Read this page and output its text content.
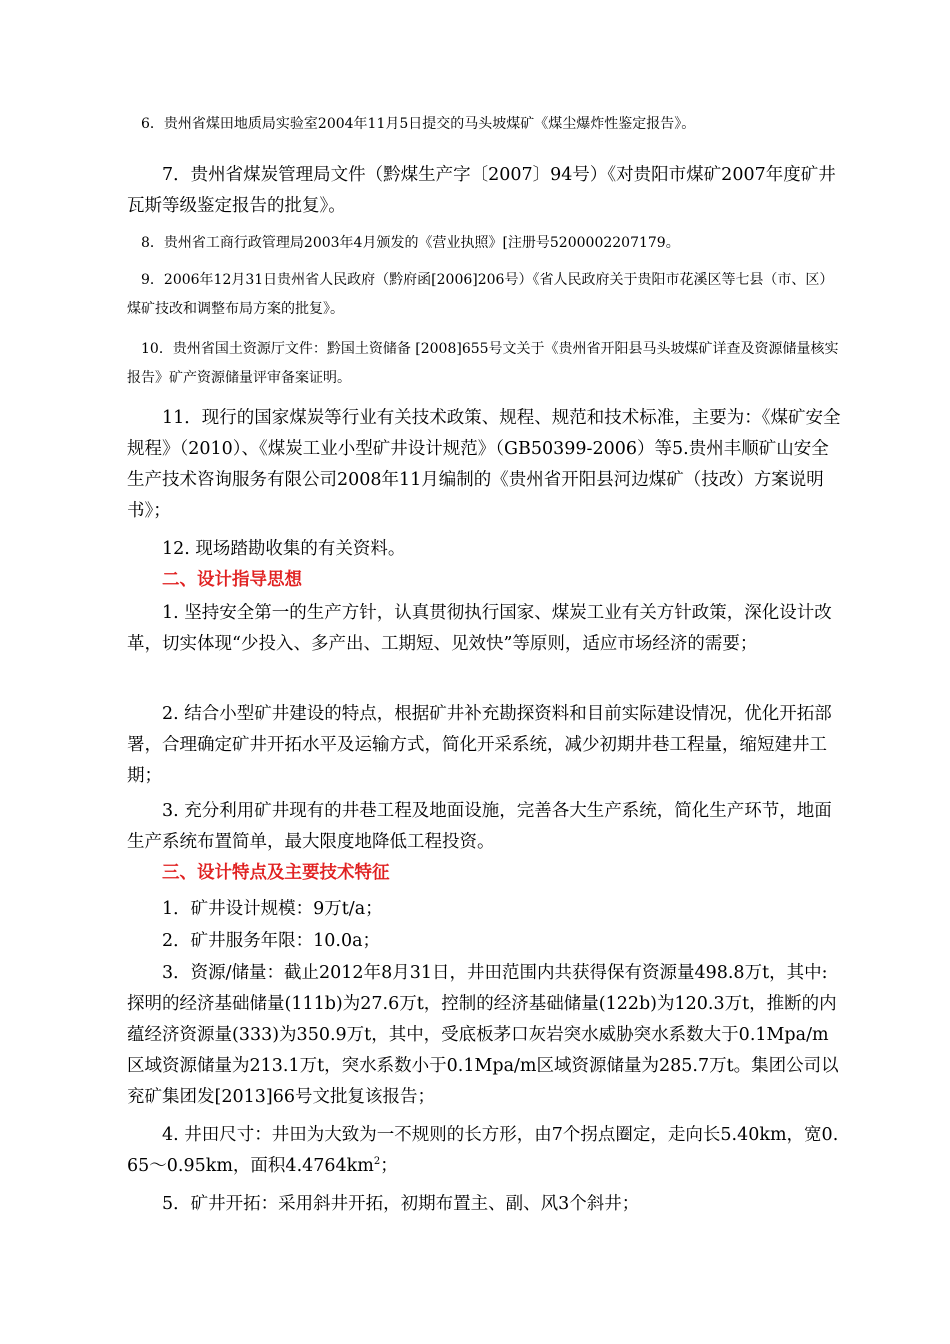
6．贵州省煤田地质局实验室2004年11月5日提交的马头坡煤矿《煤尘爆炸性鉴定报告》。

7．贵州省煤炭管理局文件（黔煤生产字〔2007〕94号）《对贵阳市煤矿2007年度矿井瓦斯等级鉴定报告的批复》。

8．贵州省工商行政管理局2003年4月颁发的《营业执照》[注册号5200002207179。

9．2006年12月31日贵州省人民政府（黔府函[2006]206号）《省人民政府关于贵阳市花溪区等七县（市、区）煤矿技改和调整布局方案的批复》。

10．贵州省国土资源厅文件：黔国土资储备 [2008]655号文关于《贵州省开阳县马头坡煤矿详查及资源储量核实报告》矿产资源储量评审备案证明。

11．现行的国家煤炭等行业有关技术政策、规程、规范和技术标准，主要为：《煤矿安全规程》（2010）、《煤炭工业小型矿井设计规范》（GB50399-2006）等5.贵州丰顺矿山安全生产技术咨询服务有限公司2008年11月编制的《贵州省开阳县河边煤矿（技改）方案说明书》；

12. 现场踏勘收集的有关资料。

二、设计指导思想

1. 坚持安全第一的生产方针，认真贯彻执行国家、煤炭工业有关方针政策，深化设计改革，切实体现“少投入、多产出、工期短、见效快”等原则，适应市场经济的需要；

2. 结合小型矿井建设的特点，根据矿井补充勘探资料和目前实际建设情况，优化开拓部署，合理确定矿井开拓水平及运输方式，简化开采系统，减少初期井巷工程量，缩短建井工期；

3. 充分利用矿井现有的井巷工程及地面设施，完善各大生产系统，简化生产环节，地面生产系统布置简单，最大限度地降低工程投资。

三、设计特点及主要技术特征

1．矿井设计规模：9万t/a；

2．矿井服务年限：10.0a；

3．资源/储量：截止2012年8月31日，井田范围内共获得保有资源量498.8万t，其中:探明的经济基础储量(111b)为27.6万t，控制的经济基础储量(122b)为120.3万t，推断的内蕴经济资源量(333)为350.9万t，其中，受底板茅口灰岩突水威胁突水系数大于0.1Mpa/m区域资源储量为213.1万t，突水系数小于0.1Mpa/m区域资源储量为285.7万t。集团公司以兖矿集团发[2013]66号文批复该报告；

4. 井田尺寸：井田为大致为一不规则的长方形，由7个拐点圈定，走向长5.40km，宽0.65～0.95km，面积$4.4764km^2$；

5．矿井开拓：采用斜井开拓，初期布置主、副、风3个斜井；
